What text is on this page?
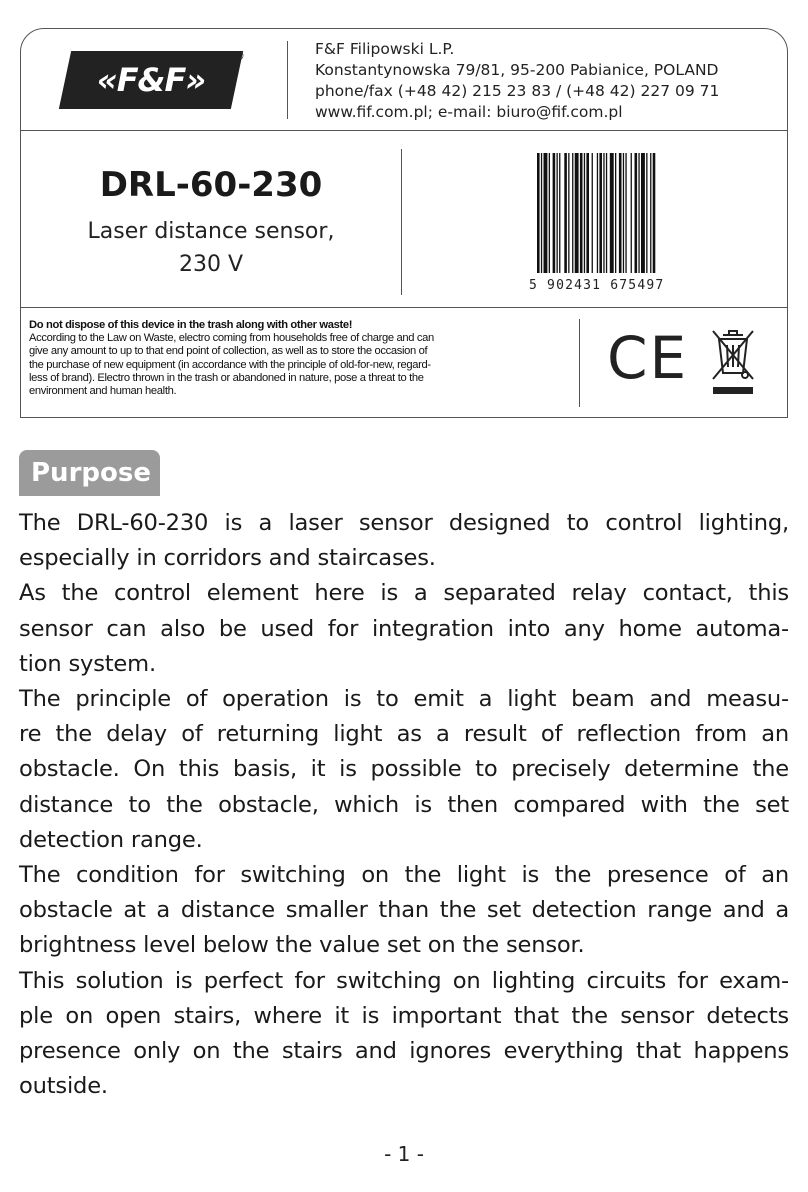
«F&F»
®	F&F Filipowski L.P.
Konstantynowska 79/81, 95-200 Pabianice, POLAND
phone/fax (+48 42) 215 23 83 / (+48 42) 227 09 71
www.fif.com.pl; e-mail: biuro@fif.com.pl
DRL-60-230
Laser distance sensor,
230 V
5 902431 675497
Do not dispose of this device in the trash along with other waste!
According to the Law on Waste, electro coming from households free of charge and can
give any amount to up to that end point of collection, as well as to store the occasion of
the purchase of new equipment (in accordance with the principle of old-for-new, regard-
less of brand). Electro thrown in the trash or abandoned in nature, pose a threat to the
environment and human health.	CE
Purpose

The DRL-60-230 is a laser sensor designed to control lighting,
especially in corridors and staircases.

As the control element here is a separated relay contact, this
sensor can also be used for integration into any home automa-
tion system.

The principle of operation is to emit a light beam and measu-
re the delay of returning light as a result of reflection from an
obstacle. On this basis, it is possible to precisely determine the
distance to the obstacle, which is then compared with the set
detection range.

The condition for switching on the light is the presence of an
obstacle at a distance smaller than the set detection range and a
brightness level below the value set on the sensor.

This solution is perfect for switching on lighting circuits for exam-
ple on open stairs, where it is important that the sensor detects
presence only on the stairs and ignores everything that happens
outside.

- 1 -
